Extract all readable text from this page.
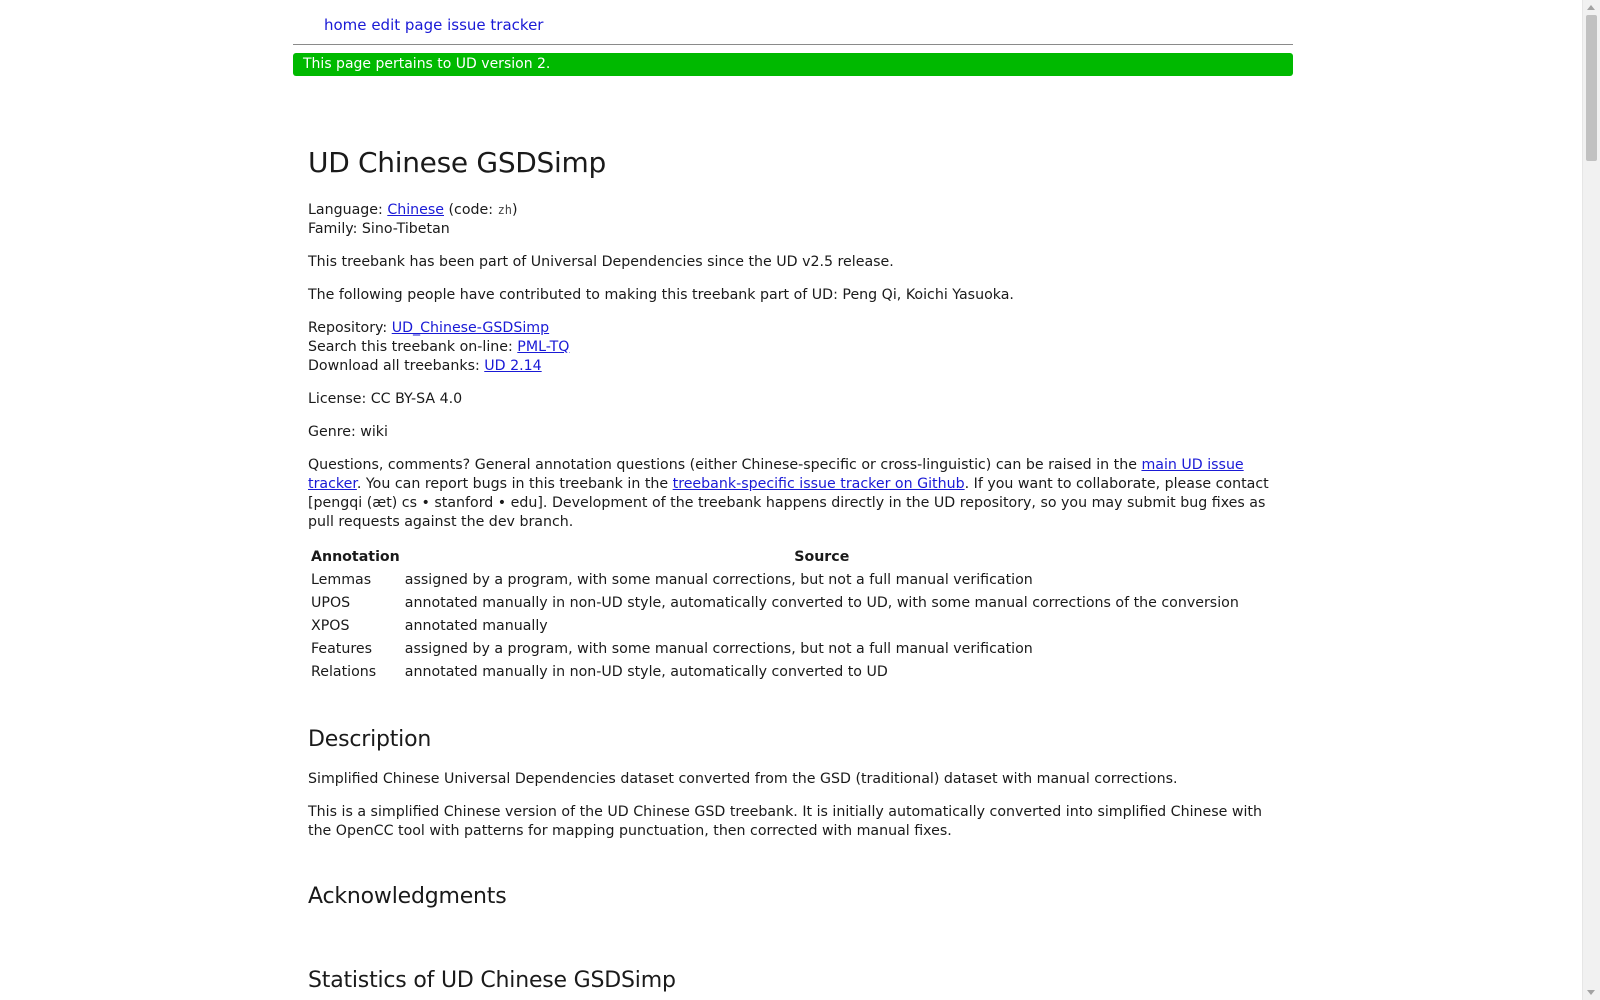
home edit page issue tracker
This page pertains to UD version 2.
UD Chinese GSDSimp

Language: Chinese (code: zh)
Family: Sino-Tibetan

This treebank has been part of Universal Dependencies since the UD v2.5 release.

The following people have contributed to making this treebank part of UD: Peng Qi, Koichi Yasuoka.

Repository: UD_Chinese-GSDSimp
Search this treebank on-line: PML-TQ
Download all treebanks: UD 2.14

License: CC BY-SA 4.0

Genre: wiki

Questions, comments? General annotation questions (either Chinese-specific or cross-linguistic) can be raised in the main UD issue tracker. You can report bugs in this treebank in the treebank-specific issue tracker on Github. If you want to collaborate, please contact [pengqi (æt) cs • stanford • edu]. Development of the treebank happens directly in the UD repository, so you may submit bug fixes as pull requests against the dev branch.

Annotation	Source
Lemmas	assigned by a program, with some manual corrections, but not a full manual verification
UPOS	annotated manually in non-UD style, automatically converted to UD, with some manual corrections of the conversion
XPOS	annotated manually
Features	assigned by a program, with some manual corrections, but not a full manual verification
Relations	annotated manually in non-UD style, automatically converted to UD
Description

Simplified Chinese Universal Dependencies dataset converted from the GSD (traditional) dataset with manual corrections.

This is a simplified Chinese version of the UD Chinese GSD treebank. It is initially automatically converted into simplified Chinese with the OpenCC tool with patterns for mapping punctuation, then corrected with manual fixes.

Acknowledgments
Statistics of UD Chinese GSDSimp
